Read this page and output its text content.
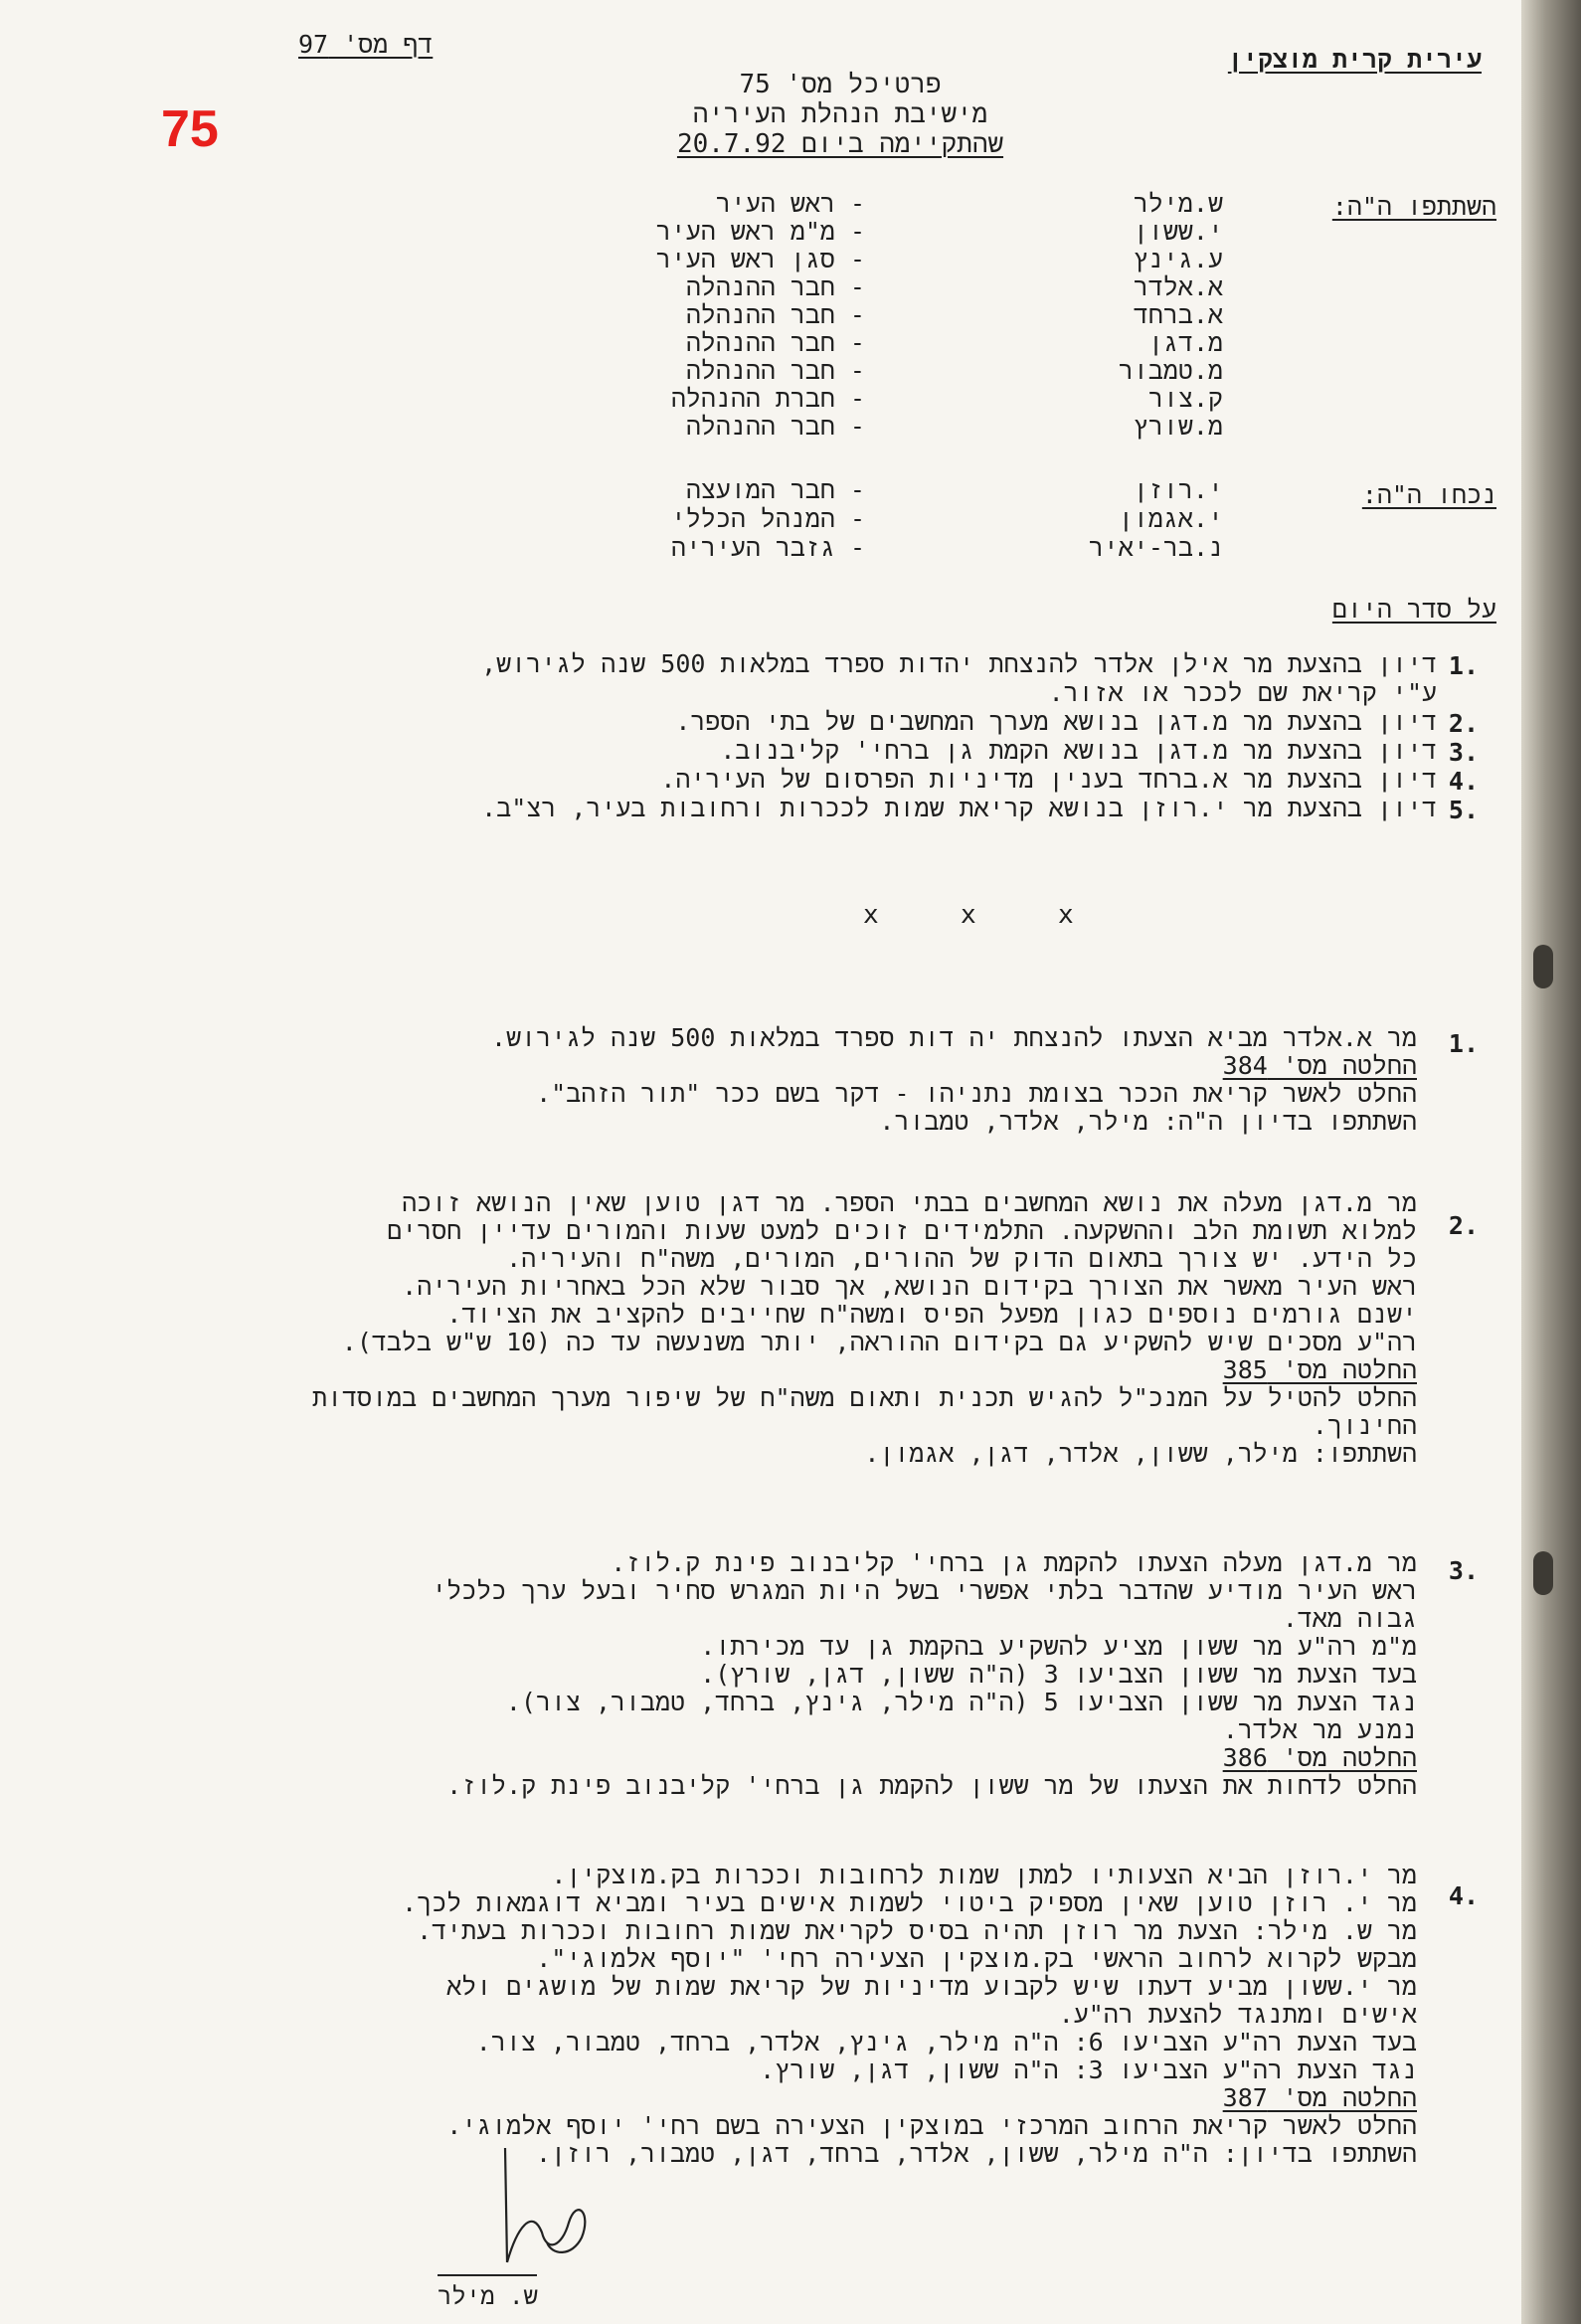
דף מס' 97
75
עירית קרית מוצקין
פרטיכל מס' 75
מישיבת הנהלת העיריה
שהתקיימה ביום 20.7.92
השתתפו ה"ה:
ש.מילר
- ראש העיר
י.ששון
- מ"מ ראש העיר
ע.גינץ
- סגן ראש העיר
א.אלדר
- חבר ההנהלה
א.ברחד
- חבר ההנהלה
מ.דגן
- חבר ההנהלה
מ.טמבור
- חבר ההנהלה
ק.צור
- חברת ההנהלה
מ.שורץ
- חבר ההנהלה
נכחו ה"ה:
י.רוזן
- חבר המועצה
י.אגמון
- המנהל הכללי
נ.בר-יאיר
- גזבר העיריה
על סדר היום
1.
דיון בהצעת מר אילן אלדר להנצחת יהדות ספרד במלאות 500 שנה לגירוש,
ע"י קריאת שם לככר או אזור.
2.
דיון בהצעת מר מ.דגן בנושא מערך המחשבים של בתי הספר.
3.
דיון בהצעת מר מ.דגן בנושא הקמת גן ברחי' קליבנוב.
4.
דיון בהצעת מר א.ברחד בענין מדיניות הפרסום של העיריה.
5.
דיון בהצעת מר י.רוזן בנושא קריאת שמות לככרות ורחובות בעיר, רצ"ב.
x	x	x
1.
מר א.אלדר מביא הצעתו להנצחת יה דות ספרד במלאות 500 שנה לגירוש.
החלטה מס' 384
החלט לאשר קריאת הככר בצומת נתניהו - דקר בשם ככר "תור הזהב".
השתתפו בדיון ה"ה: מילר, אלדר, טמבור.
2.
מר מ.דגן מעלה את נושא המחשבים בבתי הספר. מר דגן טוען שאין הנושא זוכה
למלוא תשומת הלב וההשקעה. התלמידים זוכים למעט שעות והמורים עדיין חסרים
כל הידע. יש צורך בתאום הדוק של ההורים, המורים, משה"ח והעיריה.
ראש העיר מאשר את הצורך בקידום הנושא, אך סבור שלא הכל באחריות העיריה.
ישנם גורמים נוספים כגון מפעל הפיס ומשה"ח שחייבים להקציב את הציוד.
רה"ע מסכים שיש להשקיע גם בקידום ההוראה, יותר משנעשה עד כה (10 ש"ש בלבד).
החלטה מס' 385
החלט להטיל על המנכ"ל להגיש תכנית ותאום משה"ח של שיפור מערך המחשבים במוסדות
החינוך.
השתתפו: מילר, ששון, אלדר, דגן, אגמון.
3.
מר מ.דגן מעלה הצעתו להקמת גן ברחי' קליבנוב פינת ק.לוז.
ראש העיר מודיע שהדבר בלתי אפשרי בשל היות המגרש סחיר ובעל ערך כלכלי
גבוה מאד.
מ"מ רה"ע מר ששון מציע להשקיע בהקמת גן עד מכירתו.
בעד הצעת מר ששון הצביעו 3 (ה"ה ששון, דגן, שורץ).
נגד הצעת מר ששון הצביעו 5 (ה"ה מילר, גינץ, ברחד, טמבור, צור).
נמנע מר אלדר.
החלטה מס' 386
החלט לדחות את הצעתו של מר ששון להקמת גן ברחי' קליבנוב פינת ק.לוז.
4.
מר י.רוזן הביא הצעותיו למתן שמות לרחובות וככרות בק.מוצקין.
מר י. רוזן טוען שאין מספיק ביטוי לשמות אישים בעיר ומביא דוגמאות לכך.
מר ש. מילר: הצעת מר רוזן תהיה בסיס לקריאת שמות רחובות וככרות בעתיד.
מבקש לקרוא לרחוב הראשי בק.מוצקין הצעירה רחי' "יוסף אלמוגי".
מר י.ששון מביע דעתו שיש לקבוע מדיניות של קריאת שמות של מושגים ולא
אישים ומתנגד להצעת רה"ע.
בעד הצעת רה"ע הצביעו 6: ה"ה מילר, גינץ, אלדר, ברחד, טמבור, צור.
נגד הצעת רה"ע הצביעו 3: ה"ה ששון, דגן, שורץ.
החלטה מס' 387
החלט לאשר קריאת הרחוב המרכזי במוצקין הצעירה בשם רחי' יוסף אלמוגי.
השתתפו בדיון: ה"ה מילר, ששון, אלדר, ברחד, דגן, טמבור, רוזן.
ש. מילר
